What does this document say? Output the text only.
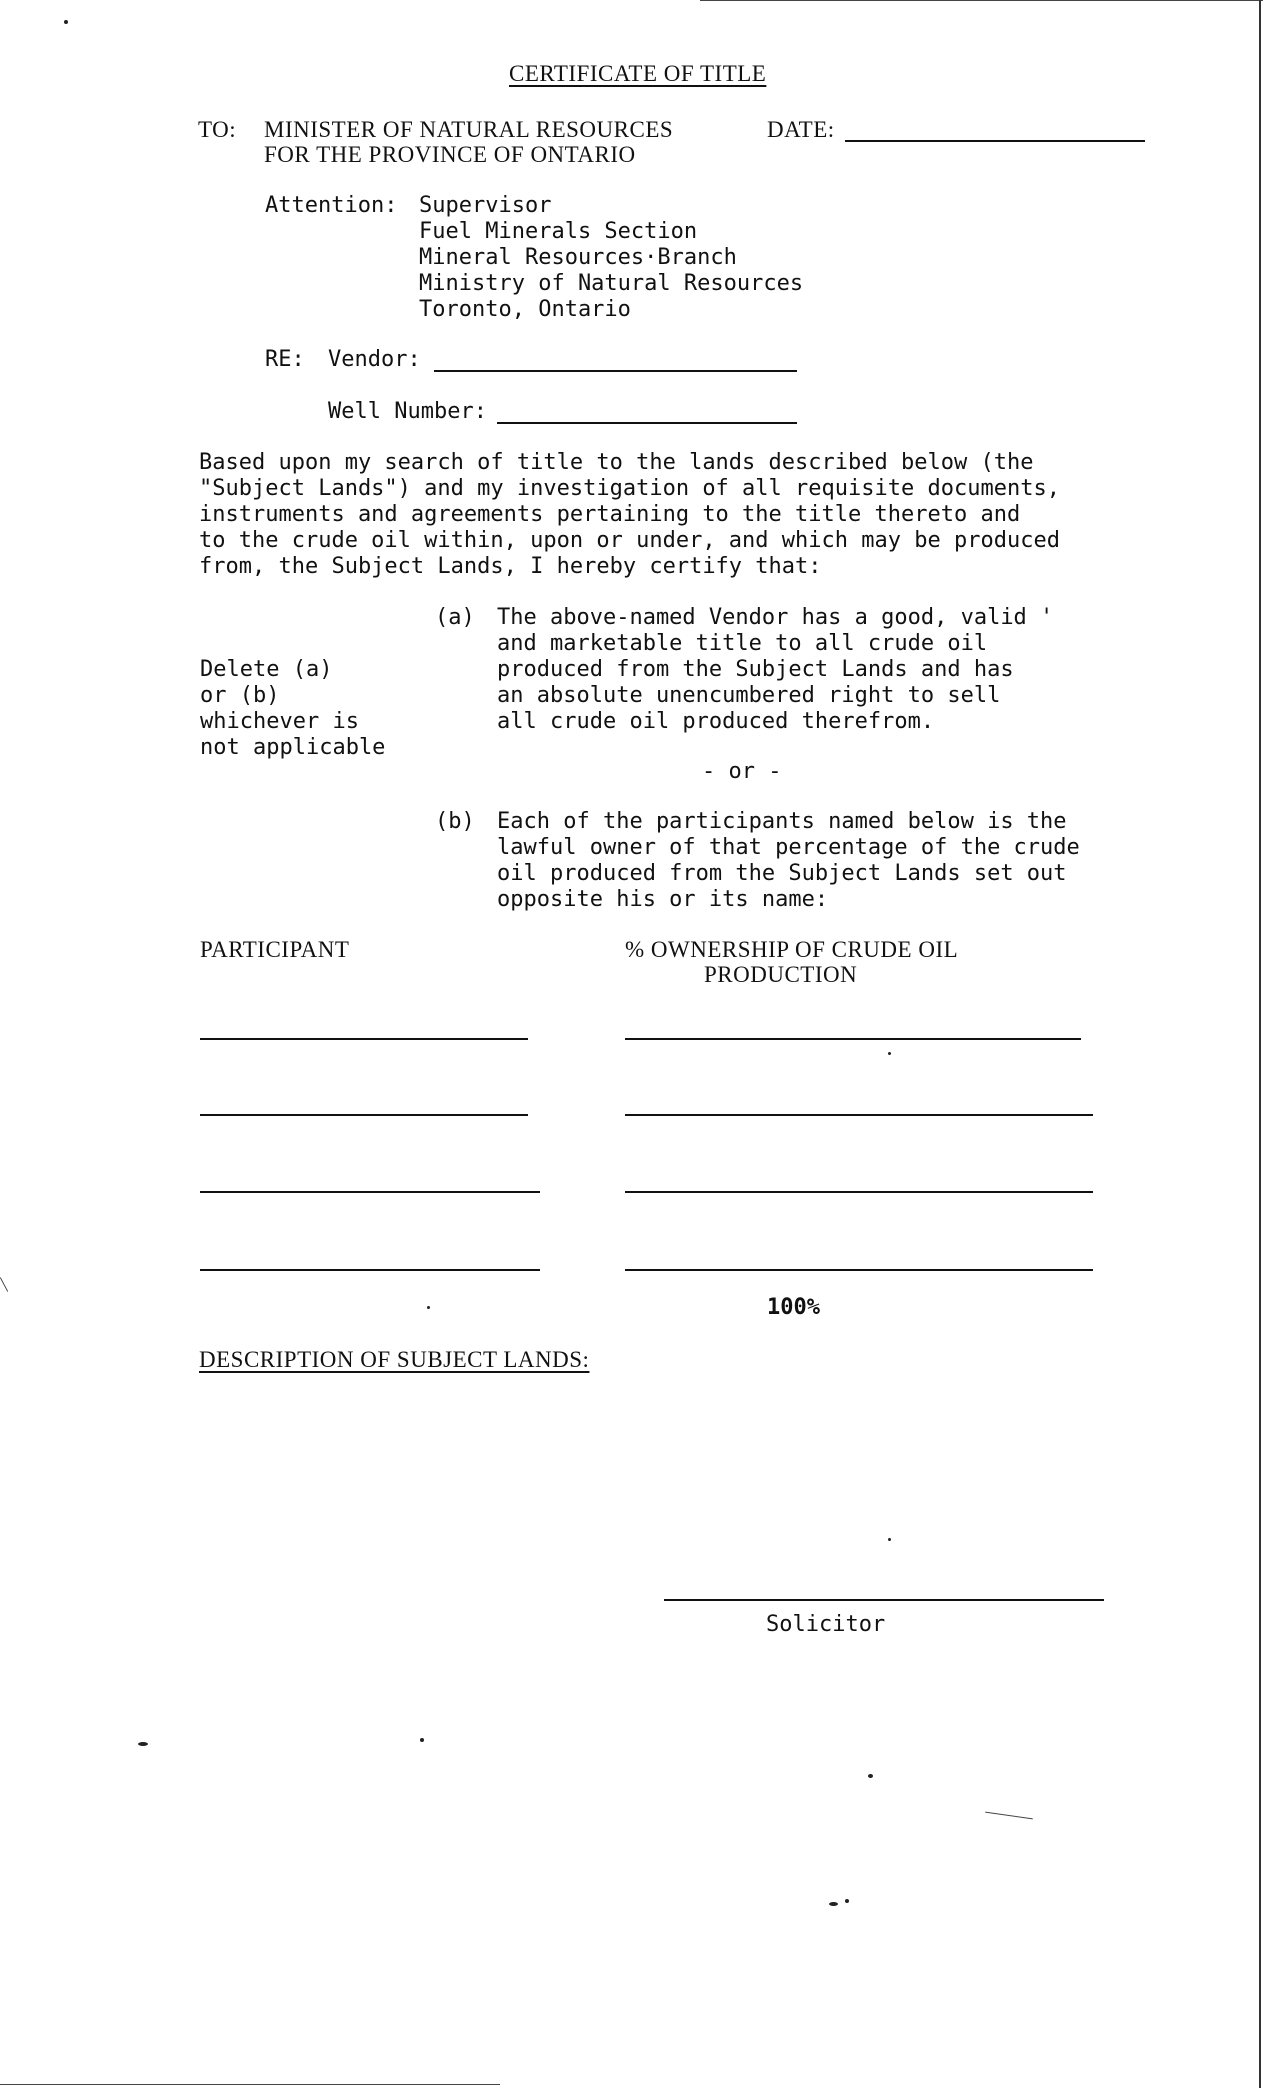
CERTIFICATE OF TITLE
TO: MINISTER OF NATURAL RESOURCES
FOR THE PROVINCE OF ONTARIO
DATE:
Attention: Supervisor
Fuel Minerals Section
Mineral Resources·Branch
Ministry of Natural Resources
Toronto, Ontario
RE: Vendor:
Well Number:
Based upon my search of title to the lands described below (the
"Subject Lands") and my investigation of all requisite documents,
instruments and agreements pertaining to the title thereto and
to the crude oil within, upon or under, and which may be produced
from, the Subject Lands, I hereby certify that:
Delete (a)
or (b)
whichever is
not applicable
(a) The above-named Vendor has a good, valid '
and marketable title to all crude oil
produced from the Subject Lands and has
an absolute unencumbered right to sell
all crude oil produced therefrom.
- or -
(b) Each of the participants named below is the
lawful owner of that percentage of the crude
oil produced from the Subject Lands set out
opposite his or its name:
PARTICIPANT	% OWNERSHIP OF CRUDE OIL
PRODUCTION
100%
DESCRIPTION OF SUBJECT LANDS:
Solicitor
